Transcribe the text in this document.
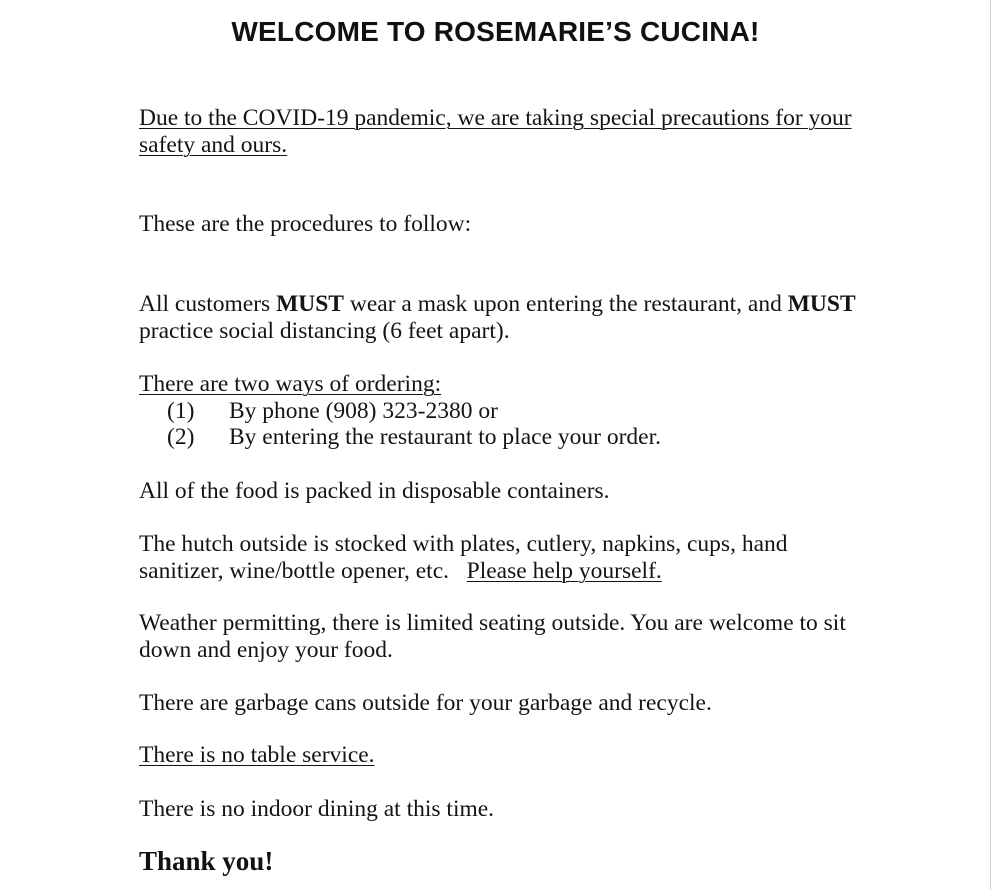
WELCOME TO ROSEMARIE’S CUCINA!
Due to the COVID-19 pandemic, we are taking special precautions for your safety and ours.
These are the procedures to follow:
All customers MUST wear a mask upon entering the restaurant, and MUST practice social distancing (6 feet apart).
There are two ways of ordering:
(1) By phone (908) 323-2380 or
(2) By entering the restaurant to place your order.
All of the food is packed in disposable containers.
The hutch outside is stocked with plates, cutlery, napkins, cups, hand sanitizer, wine/bottle opener, etc. Please help yourself.
Weather permitting, there is limited seating outside. You are welcome to sit down and enjoy your food.
There are garbage cans outside for your garbage and recycle.
There is no table service.
There is no indoor dining at this time.
Thank you!
